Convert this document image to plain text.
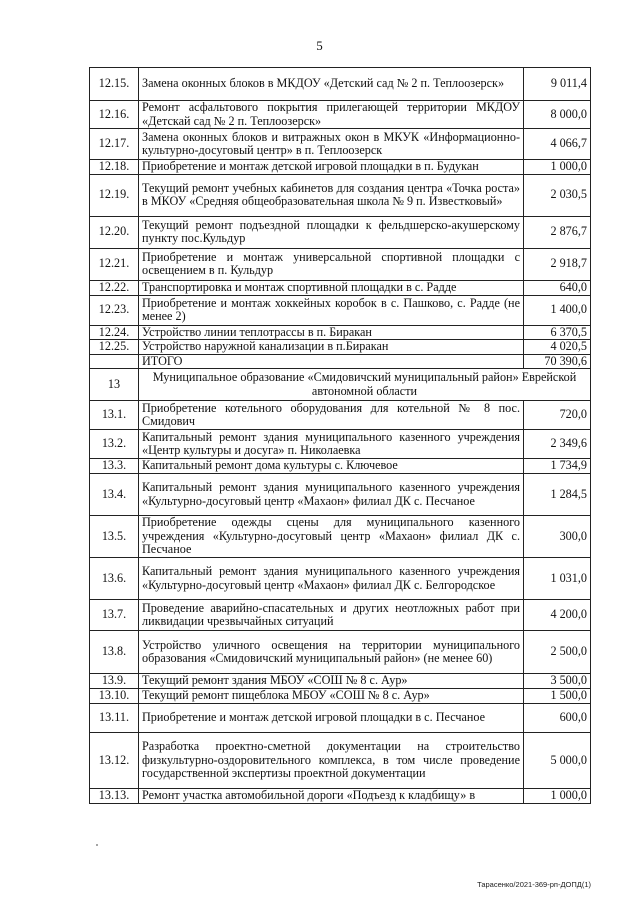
5
12.15.	Замена оконных блоков в МКДОУ «Детский сад № 2 п. Теплоозерск»	9 011,4
12.16.	Ремонт асфальтового покрытия прилегающей территории МКДОУ «Детскай сад № 2 п. Теплоозерск»	8 000,0
12.17.	Замена оконных блоков и витражных окон в МКУК «Информационно-культурно-досуговый центр» в п. Теплоозерск	4 066,7
12.18.	Приобретение и монтаж детской игровой площадки в п. Будукан	1 000,0
12.19.	Текущий ремонт учебных кабинетов для создания центра «Точка роста» в МКОУ «Средняя общеобразовательная школа № 9 п. Известковый»	2 030,5
12.20.	Текущий ремонт подъездной площадки к фельдшерско-акушерскому пункту пос.Кульдур	2 876,7
12.21.	Приобретение и монтаж универсальной спортивной площадки с освещением в п. Кульдур	2 918,7
12.22.	Транспортировка и монтаж спортивной площадки в с. Радде	640,0
12.23.	Приобретение и монтаж хоккейных коробок в с. Пашково, с. Радде (не менее 2)	1 400,0
12.24.	Устройство линии теплотрассы в п. Биракан	6 370,5
12.25.	Устройство наружной канализации в п.Биракан	4 020,5
	ИТОГО	70 390,6
13	Муниципальное образование «Смидовичский муниципальный район» Еврейской автономной области	
13.1.	Приобретение котельного оборудования для котельной № 8 пос. Смидович	720,0
13.2.	Капитальный ремонт здания муниципального казенного учреждения «Центр культуры и досуга» п. Николаевка	2 349,6
13.3.	Капитальный ремонт дома культуры с. Ключевое	1 734,9
13.4.	Капитальный ремонт здания муниципального казенного учреждения «Культурно-досуговый центр «Махаон» филиал ДК с. Песчаное	1 284,5
13.5.	Приобретение одежды сцены для муниципального казенного учреждения «Культурно-досуговый центр «Махаон» филиал ДК с. Песчаное	300,0
13.6.	Капитальный ремонт здания муниципального казенного учреждения «Культурно-досуговый центр «Махаон» филиал ДК с. Белгородское	1 031,0
13.7.	Проведение аварийно-спасательных и других неотложных работ при ликвидации чрезвычайных ситуаций	4 200,0
13.8.	Устройство уличного освещения на территории муниципального образования «Смидовичский муниципальный район» (не менее 60)	2 500,0
13.9.	Текущий ремонт здания МБОУ «СОШ № 8 с. Аур»	3 500,0
13.10.	Текущий ремонт пищеблока МБОУ «СОШ № 8 с. Аур»	1 500,0
13.11.	Приобретение и монтаж детской игровой площадки в с. Песчаное	600,0
13.12.	Разработка проектно-сметной документации на строительство физкультурно-оздоровительного комплекса, в том числе проведение государственной экспертизы проектной документации	5 000,0
13.13.	Ремонт участка автомобильной дороги «Подъезд к кладбищу» в	1 000,0
Тарасенко/2021-369-рп-ДОПД(1)
